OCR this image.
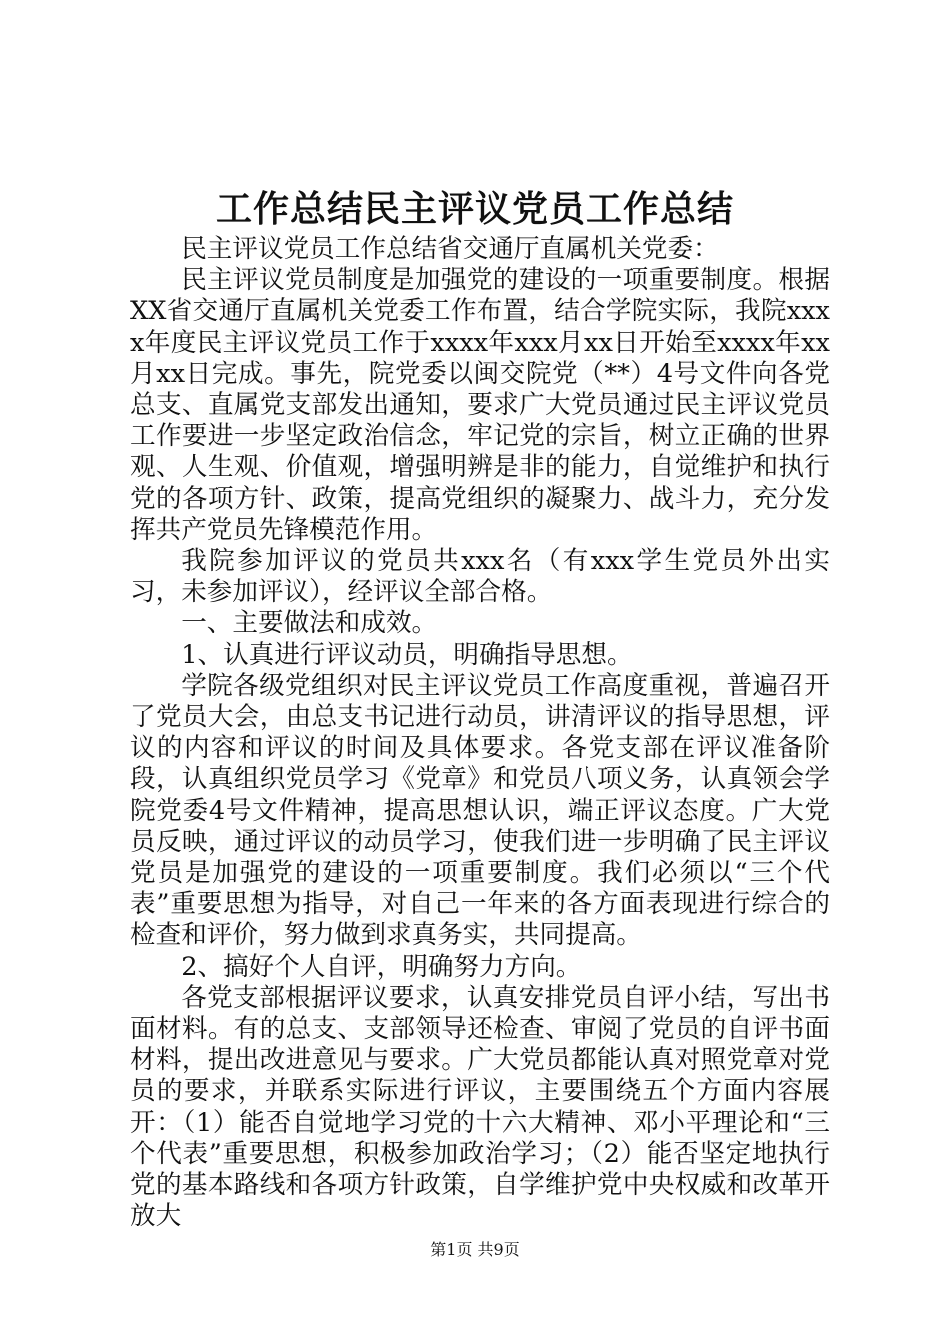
工作总结民主评议党员工作总结

民主评议党员工作总结省交通厅直属机关党委：

民主评议党员制度是加强党的建设的一项重要制度。根据XX省交通厅直属机关党委工作布置，结合学院实际，我院xxxx年度民主评议党员工作于xxxx年xxx月xx日开始至xxxx年xx月xx日完成。事先，院党委以闽交院党（**）4号文件向各党总支、直属党支部发出通知，要求广大党员通过民主评议党员工作要进一步坚定政治信念，牢记党的宗旨，树立正确的世界观、人生观、价值观，增强明辨是非的能力，自觉维护和执行党的各项方针、政策，提高党组织的凝聚力、战斗力，充分发挥共产党员先锋模范作用。

我院参加评议的党员共xxx名（有xxx学生党员外出实习，未参加评议），经评议全部合格。

一、主要做法和成效。

1、认真进行评议动员，明确指导思想。

学院各级党组织对民主评议党员工作高度重视，普遍召开了党员大会，由总支书记进行动员，讲清评议的指导思想，评议的内容和评议的时间及具体要求。各党支部在评议准备阶段，认真组织党员学习《党章》和党员八项义务，认真领会学院党委4号文件精神，提高思想认识，端正评议态度。广大党员反映，通过评议的动员学习，使我们进一步明确了民主评议党员是加强党的建设的一项重要制度。我们必须以“三个代表”重要思想为指导，对自己一年来的各方面表现进行综合的检查和评价，努力做到求真务实，共同提高。

2、搞好个人自评，明确努力方向。

各党支部根据评议要求，认真安排党员自评小结，写出书面材料。有的总支、支部领导还检查、审阅了党员的自评书面材料，提出改进意见与要求。广大党员都能认真对照党章对党员的要求，并联系实际进行评议，主要围绕五个方面内容展开：（1）能否自觉地学习党的十六大精神、邓小平理论和“三个代表”重要思想，积极参加政治学习；（2）能否坚定地执行党的基本路线和各项方针政策，自学维护党中央权威和改革开放大

第1页 共9页
